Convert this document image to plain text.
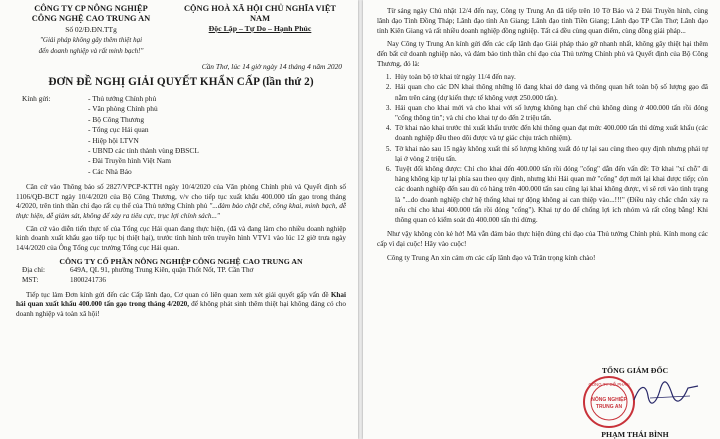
CÔNG TY CP NÔNG NGHIỆP
CÔNG NGHỆ CAO TRUNG AN
Số 02/Đ.ĐN.TTg
"Giải pháp không gây thêm thiệt hại
đến doanh nghiệp và rất minh bạch!"
CỘNG HOÀ XÃ HỘI CHỦ NGHĨA VIỆT NAM
Độc Lập – Tự Do – Hạnh Phúc
Cần Thơ, lúc 14 giờ ngày 14 tháng 4 năm 2020
ĐƠN ĐỀ NGHỊ GIẢI QUYẾT KHẨN CẤP (lần thứ 2)
Kính gửi:
-	Thủ tướng Chính phủ
- Văn phòng Chính phủ
- Bộ Công Thương
- Tổng cục Hải quan
- Hiệp hội LTVN
- UBND các tỉnh thành vùng ĐBSCL
- Đài Truyền hình Việt Nam
- Các Nhà Báo

Căn cứ vào Thông báo số 2827/VPCP-KTTH ngày 10/4/2020 của Văn phòng Chính phủ và Quyết định số 1106/QĐ-BCT ngày 10/4/2020 của Bộ Công Thương, v/v cho tiếp tục xuất khẩu 400.000 tấn gạo trong tháng 4/2020, trên tinh thần chỉ đạo rất cụ thể của Thủ tướng Chính phủ "...đảm bảo chặt chẽ, công khai, minh bạch, dễ thực hiện, dễ giám sát, không để xảy ra tiêu cực, trục lợi chính sách..."

Căn cứ vào diễn tiến thực tế của Tổng cục Hải quan đang thực hiện, (đã và đang làm cho nhiều doanh nghiệp kinh doanh xuất khẩu gạo tiếp tục bị thiệt hại), trước tình hình trên truyền hình VTV1 vào lúc 12 giờ trưa ngày 14/4/2020 của Ông Tổng cục trưởng Tổng cục Hải quan.

CÔNG TY CỔ PHẦN NÔNG NGHIỆP CÔNG NGHỆ CAO TRUNG AN
Địa chỉ:	649A, QL 91, phường Trung Kiên, quận Thốt Nốt, TP. Cần Thơ
MST:	1800241736

Tiếp tục làm Đơn kính gửi đến các Cấp lãnh đạo, Cơ quan có liên quan xem xét giải quyết gấp vấn đề Khai hải quan xuất khẩu 400.000 tấn gạo trong tháng 4/2020, để không phát sinh thêm thiệt hại không đáng có cho doanh nghiệp và toàn xã hội!

Từ sáng ngày Chủ nhật 12/4 đến nay, Công ty Trung An đã tiếp trên 10 Tờ Báo và 2 Đài Truyền hình, cùng lãnh đạo Tỉnh Đồng Tháp; Lãnh đạo tỉnh An Giang; Lãnh đạo tỉnh Tiền Giang; Lãnh đạo TP Cần Thơ; Lãnh đạo tỉnh Kiên Giang và rất nhiều doanh nghiệp đồng nghiệp. Tất cả đều cùng quan điểm, cùng đồng giải pháp...

Nay Công ty Trung An kính gửi đến các cấp lãnh đạo Giải pháp thảo gỡ nhanh nhất, không gây thiệt hại thêm đến bất cứ doanh nghiệp nào, và đảm bảo tinh thần chỉ đạo của Thủ tướng Chính phủ và Quyết định của Bộ Công Thương, đó là:

1. Hủy toàn bộ tờ khai từ ngày 11/4 đến nay.
2. Hải quan cho các DN khai thông những lô đang khai dở dang và thông quan hết toàn bộ số lượng gạo đã nằm trên cảng (dự kiến thực tế không vượt 250.000 tấn).
3. Hải quan cho khai mới và cho khai với số lượng không hạn chế chủ không dùng ở 400.000 tấn rồi đóng "cổng thông tin"; và chỉ cho khai tự do đến 2 triệu tấn.
4. Tờ khai nào khai trước thì xuất khẩu trước đến khi thông quan đạt mức 400.000 tấn thì dừng xuất khẩu (các doanh nghiệp đều theo dõi được và tự giác chịu trách nhiệm).
5. Tờ khai nào sau 15 ngày không xuất thì số lượng không xuất đó tự lại sau cùng theo quy định nhưng phải tự lại ở vòng 2 triệu tấn.
6. Tuyệt đối không được: Chỉ cho khai đến 400.000 tấn rồi đóng "cổng" dẫn đến vấn đề: Tờ khai "xí chỗ" đi hàng không kịp tự lại phía sau theo quy định, nhưng khi Hải quan mở "cổng" đợt mới lại khai được tiếp; còn các doanh nghiệp đến sau dù có hàng trên 400.000 tấn sau cũng lại khai không được, vì sẽ rơi vào tình trạng là "...do doanh nghiệp chứ hệ thống khai tự động không ai can thiệp vào...!!!" (Điều này chắc chắn xảy ra nếu chỉ cho khai 400.000 tấn rồi đóng "cổng"). Khai tự do để chống lợi ích nhóm và rất công bằng! Khi thông quan có kiểm soát đủ 400.000 tấn thì dừng.

Như vậy không còn kẻ hở! Mà vẫn đảm bảo thực hiện đúng chỉ đạo của Thủ tướng Chính phủ. Kính mong các cấp vì đại cuộc! Hãy vào cuộc!

Công ty Trung An xin cám ơn các cấp lãnh đạo và Trân trọng kính chào!

TỔNG GIÁM ĐỐC
CÔNG TY CỔ PHẦN
NÔNG NGHIỆP
TRUNG AN
PHẠM THÁI BÌNH
